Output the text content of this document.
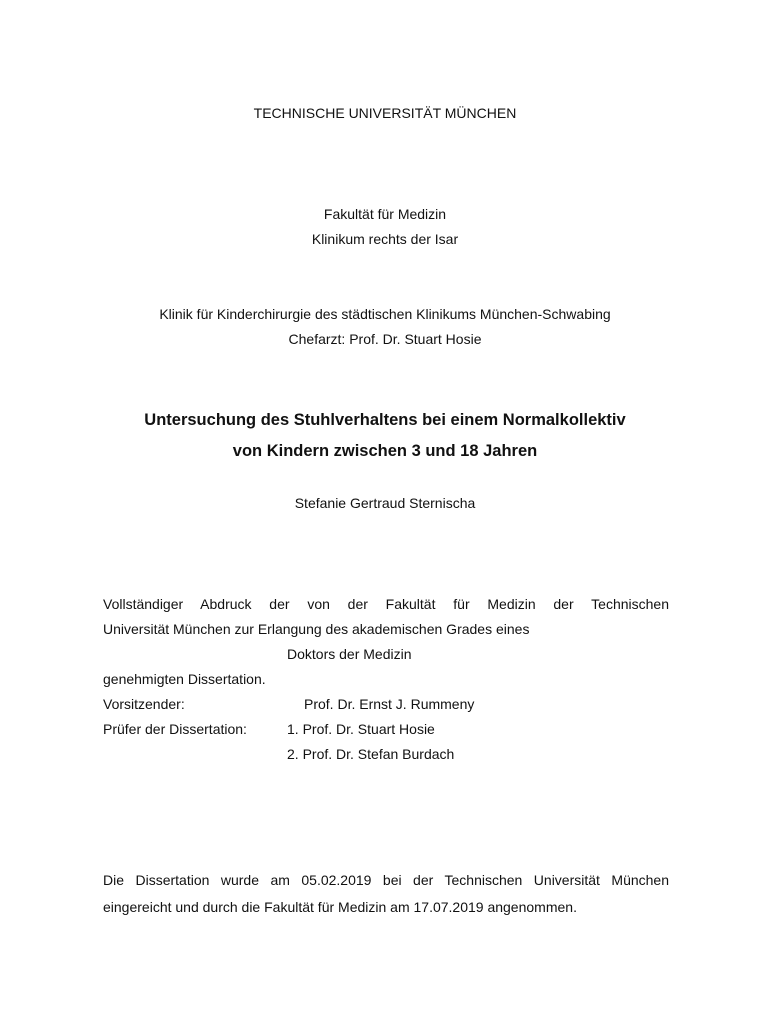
TECHNISCHE UNIVERSITÄT MÜNCHEN
Fakultät für Medizin
Klinikum rechts der Isar
Klinik für Kinderchirurgie des städtischen Klinikums München-Schwabing
Chefarzt: Prof. Dr. Stuart Hosie
Untersuchung des Stuhlverhaltens bei einem Normalkollektiv
von Kindern zwischen 3 und 18 Jahren
Stefanie Gertraud Sternischa
Vollständiger Abdruck der von der Fakultät für Medizin der Technischen
Universität München zur Erlangung des akademischen Grades eines
Doktors der Medizin
genehmigten Dissertation.
Vorsitzender:	Prof. Dr. Ernst J. Rummeny
Prüfer der Dissertation:	1. Prof. Dr. Stuart Hosie
2. Prof. Dr. Stefan Burdach
Die Dissertation wurde am 05.02.2019 bei der Technischen Universität München
eingereicht und durch die Fakultät für Medizin am 17.07.2019 angenommen.
